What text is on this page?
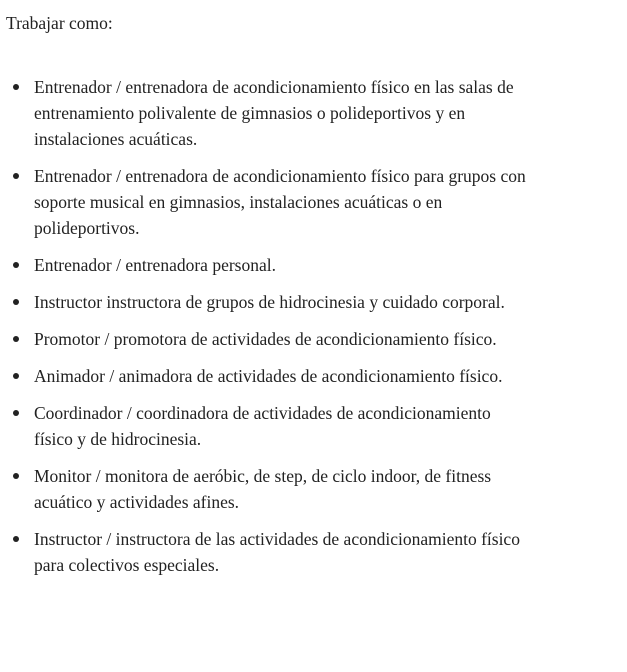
Trabajar como:

Entrenador / entrenadora de acondicionamiento físico en las salas de entrenamiento polivalente de gimnasios o polideportivos y en instalaciones acuáticas.
Entrenador / entrenadora de acondicionamiento físico para grupos con soporte musical en gimnasios, instalaciones acuáticas o en polideportivos.
Entrenador / entrenadora personal.
Instructor instructora de grupos de hidrocinesia y cuidado corporal.
Promotor / promotora de actividades de acondicionamiento físico.
Animador / animadora de actividades de acondicionamiento físico.
Coordinador / coordinadora de actividades de acondicionamiento físico y de hidrocinesia.
Monitor / monitora de aeróbic, de step, de ciclo indoor, de fitness acuático y actividades afines.
Instructor / instructora de las actividades de acondicionamiento físico para colectivos especiales.
